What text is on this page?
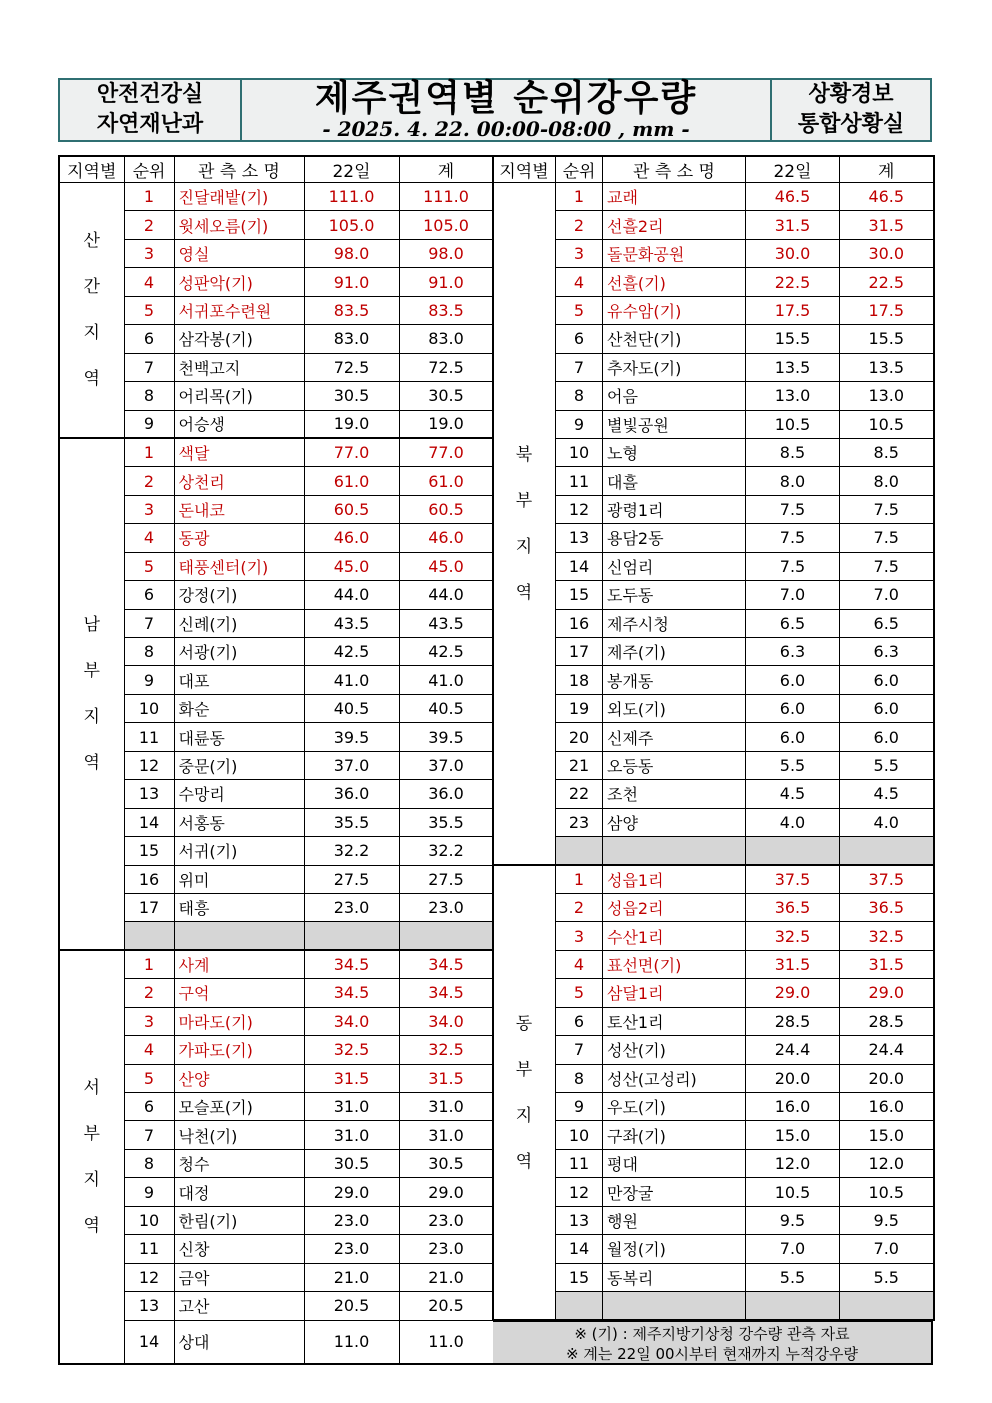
안전건강실
자연재난과
제주권역별 순위강우량
- 2025. 4. 22. 00:00-08:00 , mm -
상황경보
통합상황실
지역별	순위	관 측 소 명	22일	계
산
간
지
역	1	진달래밭(기)	111.0	111.0
	2	윗세오름(기)	105.0	105.0
	3	영실	98.0	98.0
	4	성판악(기)	91.0	91.0
	5	서귀포수련원	83.5	83.5
	6	삼각봉(기)	83.0	83.0
	7	천백고지	72.5	72.5
	8	어리목(기)	30.5	30.5
	9	어승생	19.0	19.0
남
부
지
역	1	색달	77.0	77.0
	2	상천리	61.0	61.0
	3	돈내코	60.5	60.5
	4	동광	46.0	46.0
	5	태풍센터(기)	45.0	45.0
	6	강정(기)	44.0	44.0
	7	신례(기)	43.5	43.5
	8	서광(기)	42.5	42.5
	9	대포	41.0	41.0
	10	화순	40.5	40.5
	11	대륜동	39.5	39.5
	12	중문(기)	37.0	37.0
	13	수망리	36.0	36.0
	14	서홍동	35.5	35.5
	15	서귀(기)	32.2	32.2
	16	위미	27.5	27.5
	17	태흥	23.0	23.0

서
부
지
역	1	사계	34.5	34.5
	2	구억	34.5	34.5
	3	마라도(기)	34.0	34.0
	4	가파도(기)	32.5	32.5
	5	산양	31.5	31.5
	6	모슬포(기)	31.0	31.0
	7	낙천(기)	31.0	31.0
	8	청수	30.5	30.5
	9	대정	29.0	29.0
	10	한림(기)	23.0	23.0
	11	신창	23.0	23.0
	12	금악	21.0	21.0
	13	고산	20.5	20.5
	14	상대	11.0	11.0
지역별	순위	관 측 소 명	22일	계
북
부
지
역	1	교래	46.5	46.5
	2	선흘2리	31.5	31.5
	3	돌문화공원	30.0	30.0
	4	선흘(기)	22.5	22.5
	5	유수암(기)	17.5	17.5
	6	산천단(기)	15.5	15.5
	7	추자도(기)	13.5	13.5
	8	어음	13.0	13.0
	9	별빛공원	10.5	10.5
	10	노형	8.5	8.5
	11	대흘	8.0	8.0
	12	광령1리	7.5	7.5
	13	용담2동	7.5	7.5
	14	신엄리	7.5	7.5
	15	도두동	7.0	7.0
	16	제주시청	6.5	6.5
	17	제주(기)	6.3	6.3
	18	봉개동	6.0	6.0
	19	외도(기)	6.0	6.0
	20	신제주	6.0	6.0
	21	오등동	5.5	5.5
	22	조천	4.5	4.5
	23	삼양	4.0	4.0

동
부
지
역	1	성읍1리	37.5	37.5
	2	성읍2리	36.5	36.5
	3	수산1리	32.5	32.5
	4	표선면(기)	31.5	31.5
	5	삼달1리	29.0	29.0
	6	토산1리	28.5	28.5
	7	성산(기)	24.4	24.4
	8	성산(고성리)	20.0	20.0
	9	우도(기)	16.0	16.0
	10	구좌(기)	15.0	15.0
	11	평대	12.0	12.0
	12	만장굴	10.5	10.5
	13	행원	9.5	9.5
	14	월정(기)	7.0	7.0
	15	동복리	5.5	5.5

※ (기) : 제주지방기상청 강수량 관측 자료
※ 계는 22일 00시부터 현재까지 누적강우량
